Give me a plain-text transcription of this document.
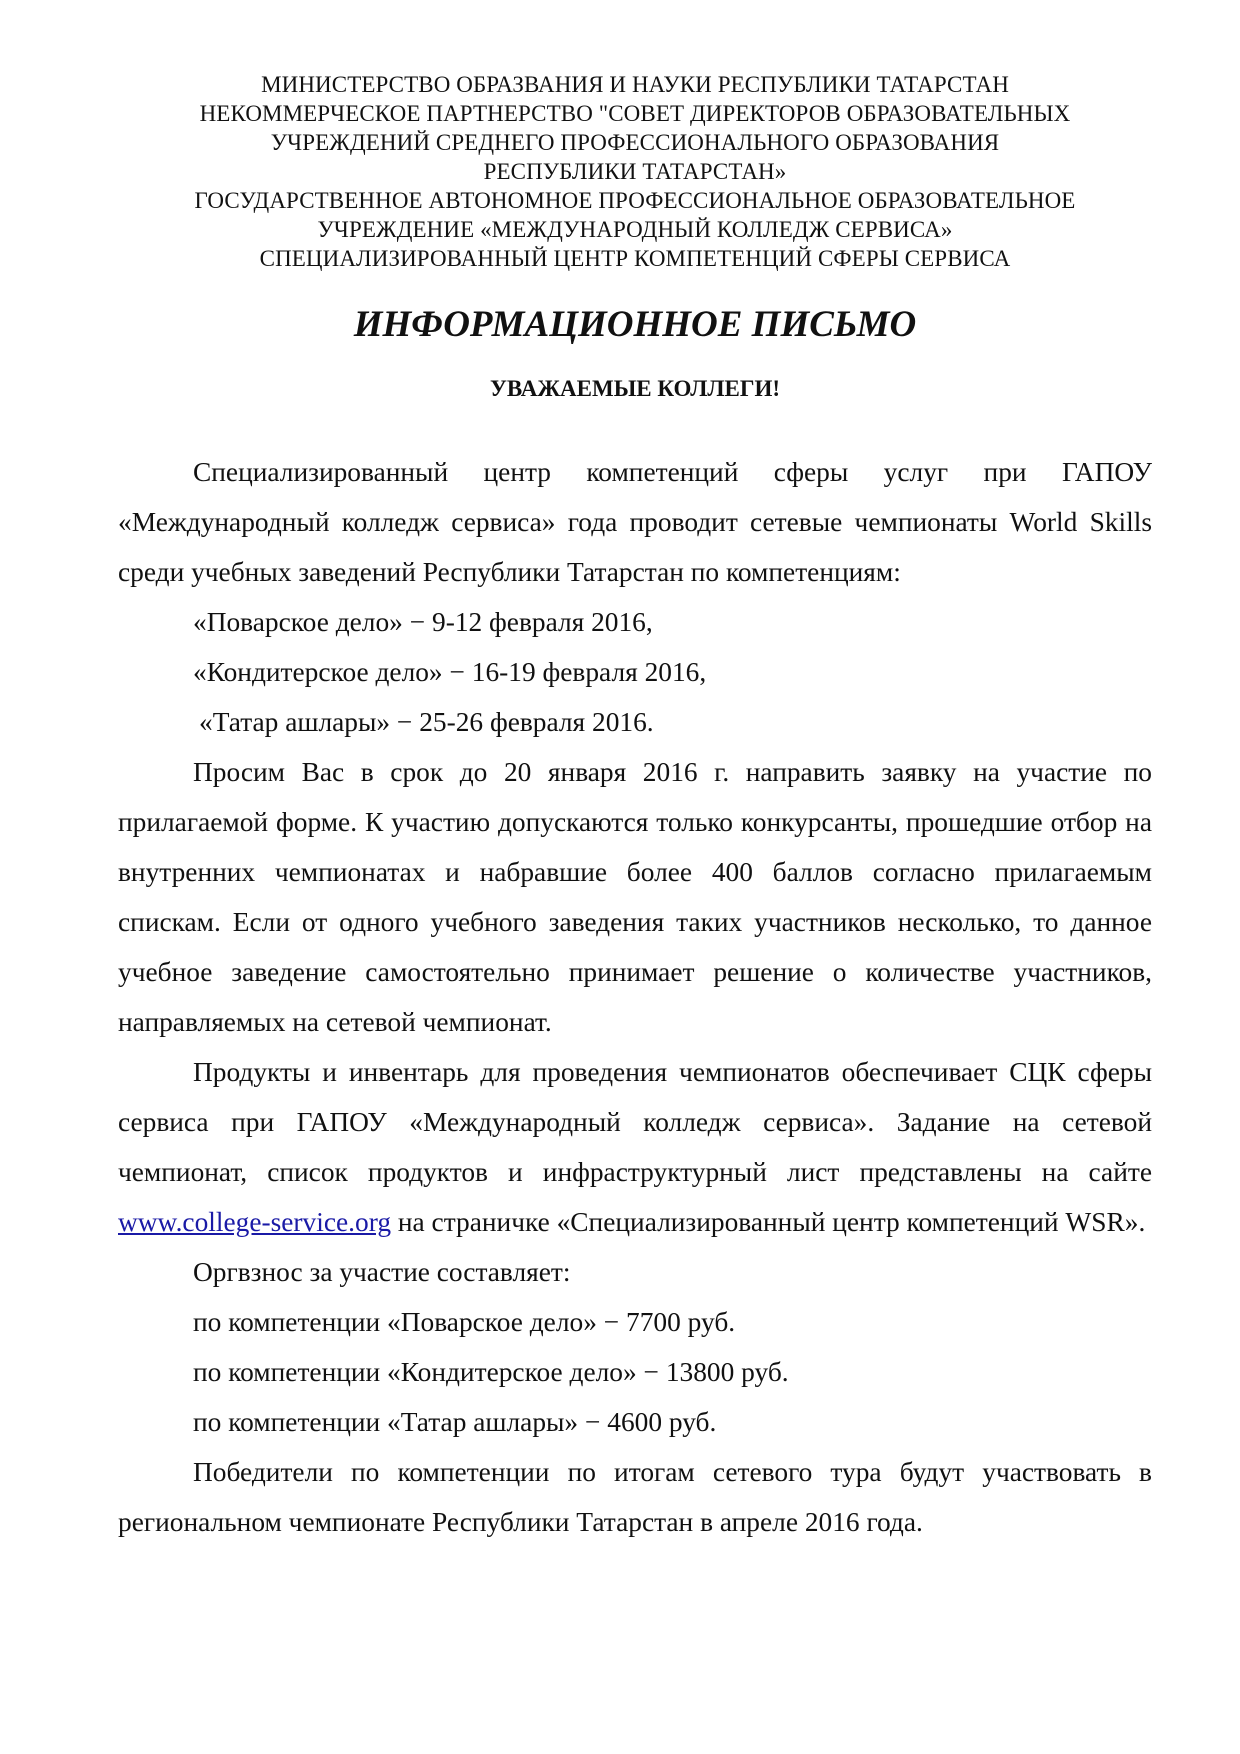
МИНИСТЕРСТВО ОБРАЗВАНИЯ И НАУКИ РЕСПУБЛИКИ ТАТАРСТАН
НЕКОММЕРЧЕСКОЕ ПАРТНЕРСТВО "СОВЕТ ДИРЕКТОРОВ ОБРАЗОВАТЕЛЬНЫХ
УЧРЕЖДЕНИЙ СРЕДНЕГО ПРОФЕССИОНАЛЬНОГО ОБРАЗОВАНИЯ
РЕСПУБЛИКИ ТАТАРСТАН»
ГОСУДАРСТВЕННОЕ АВТОНОМНОЕ ПРОФЕССИОНАЛЬНОЕ ОБРАЗОВАТЕЛЬНОЕ
УЧРЕЖДЕНИЕ «МЕЖДУНАРОДНЫЙ КОЛЛЕДЖ СЕРВИСА»
СПЕЦИАЛИЗИРОВАННЫЙ ЦЕНТР КОМПЕТЕНЦИЙ СФЕРЫ СЕРВИСА
ИНФОРМАЦИОННОЕ ПИСЬМО
УВАЖАЕМЫЕ КОЛЛЕГИ!

Специализированный центр компетенций сферы услуг при ГАПОУ «Международный колледж сервиса» года проводит сетевые чемпионаты World Skills среди учебных заведений Республики Татарстан по компетенциям:

«Поварское дело» − 9-12 февраля 2016,

«Кондитерское дело» − 16-19 февраля 2016,

«Татар ашлары» − 25-26 февраля 2016.

Просим Вас в срок до 20 января 2016 г. направить заявку на участие по прилагаемой форме. К участию допускаются только конкурсанты, прошедшие отбор на внутренних чемпионатах и набравшие более 400 баллов согласно прилагаемым спискам. Если от одного учебного заведения таких участников несколько, то данное учебное заведение самостоятельно принимает решение о количестве участников, направляемых на сетевой чемпионат.

Продукты и инвентарь для проведения чемпионатов обеспечивает СЦК сферы сервиса при ГАПОУ «Международный колледж сервиса». Задание на сетевой чемпионат, список продуктов и инфраструктурный лист представлены на сайте www.college-service.org на страничке «Специализированный центр компетенций WSR».

Оргвзнос за участие составляет:

по компетенции «Поварское дело» − 7700 руб.

по компетенции «Кондитерское дело» − 13800 руб.

по компетенции «Татар ашлары» − 4600 руб.

Победители по компетенции по итогам сетевого тура будут участвовать в региональном чемпионате Республики Татарстан в апреле 2016 года.
